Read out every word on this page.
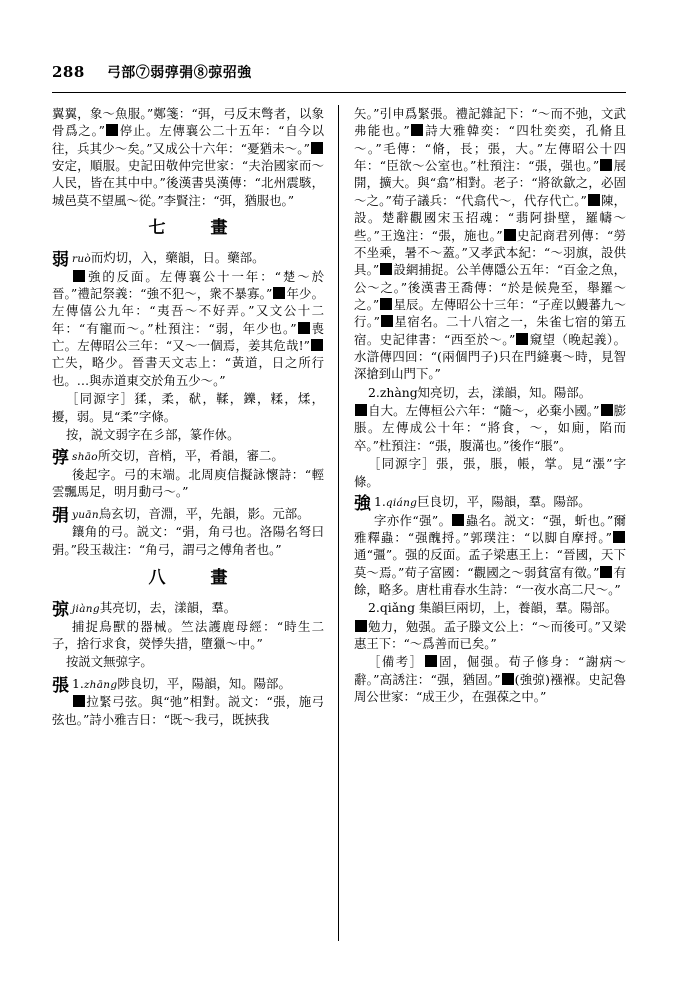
288 弓部⑦弱弴弲⑧弶弨強

翼翼，象～魚服。”鄭箋：“弭，弓反末彆者，以象骨爲之。” 停止。左傳襄公二十五年：“自今以往，兵其少～矣。”又成公十六年：“憂猶未～。”安定，順服。史記田敬仲完世家：“夫治國家而～人民，皆在其中中。”後漢書吳漢傳：“北州震駭，城邑莫不望風～從。”李賢注：“弭，猶服也。”

七　畫
弱 ruò而灼切，入，藥韻，日。藥部。

強的反面。左傳襄公十一年：“楚～於晉。”禮記祭義：“強不犯～，衆不暴寡。” 年少。左傳僖公九年：“夷吾～不好弄。”又文公十二年：“有寵而～。”杜預注：“弱，年少也。” 喪亡。左傳昭公三年：“又～一個焉，姜其危哉!”亡失，略少。晉書天文志上：“黃道，日之所行也。…與赤道東交於角五少～。”

［同源字］猱，柔，㹷，鞣，鑠，糅，煣，擾，弱。見“柔”字條。

按，説文弱字在彡部，篆作㲻。

弴 shāo所交切，音梢，平，肴韻，審二。

後起字。弓的末端。北周庾信擬詠懷詩：“輕雲飄馬足，明月動弓～。”

弲 yuān烏玄切，音淵，平，先韻，影。元部。

鑲角的弓。説文：“弲，角弓也。洛陽名弩曰弲。”段玉裁注：“角弓，謂弓之傅角者也。”

八　畫
弶 jiàng其亮切，去，漾韻，羣。

捕捉鳥獸的器械。竺法護鹿母經：“時生二子，捨行求食，熒悸失措，墮獵～中。”

按説文無弶字。

張 1.zhāng陟良切，平，陽韻，知。陽部。

拉緊弓弦。與“弛”相對。説文：“張，施弓弦也。”詩小雅吉日：“既～我弓，既挾我

矢。”引申爲緊張。禮記雜記下：“～而不弛，文武弗能也。” 詩大雅韓奕：“四牡奕奕，孔脩且～。”毛傳：“脩，長；張，大。”左傳昭公十四年：“臣欲～公室也。”杜預注：“張，强也。” 展開，擴大。與“翕”相對。老子：“將欲歙之，必固～之。”荀子議兵：“代翕代～，代存代亡。” 陳，設。楚辭觀國宋玉招魂：“翡阿掛壁，羅幬～些。”王逸注：“張，施也。” 史記商君列傳：“勞不坐乘，暑不～蓋。”又孝武本紀：“～羽旗，設供具。” 設網捕捉。公羊傳隱公五年：“百金之魚，公～之。”後漢書王喬傳：“於是候鳧至，舉羅～之。” 星辰。左傳昭公十三年：“子産以鰻蕃九～行。” 星宿名。二十八宿之一，朱雀七宿的第五宿。史記律書：“西至於～。” 窺望（晚起義）。水滸傳四回：“(兩個門子)只在門縫裏～時，見智深搶到山門下。”

2.zhàng知亮切，去，漾韻，知。陽部。

自大。左傳桓公六年：“隨～，必棄小國。” 膨脹。左傳成公十年：“將食，～，如廁，陷而卒。”杜預注：“張，腹滿也。”後作“脹”。

［同源字］張，張，脹，帳，掌。見“漲”字條。

強 1.qiáng巨良切，平，陽韻，羣。陽部。

字亦作“强”。 蟲名。説文：“强，蚚也。”爾雅釋蟲：“强醜捋。”郭璞注：“以脚自摩捋。”通“彊”。强的反面。孟子梁惠王上：“晉國，天下莫～焉。”荀子富國：“觀國之～弱貧富有徵。” 有餘，略多。唐杜甫春水生詩：“一夜水高二尺～。”

2.qiǎng 集韻巨兩切，上，養韻，羣。陽部。

勉力，勉强。孟子滕文公上：“～而後可。”又梁惠王下：“～爲善而已矣。”

［備考］ 固，倔强。荀子修身：“謝病～辭。”高誘注：“强，猶固。” (強弶)襁褓。史記魯周公世家：“成王少，在强葆之中。”
